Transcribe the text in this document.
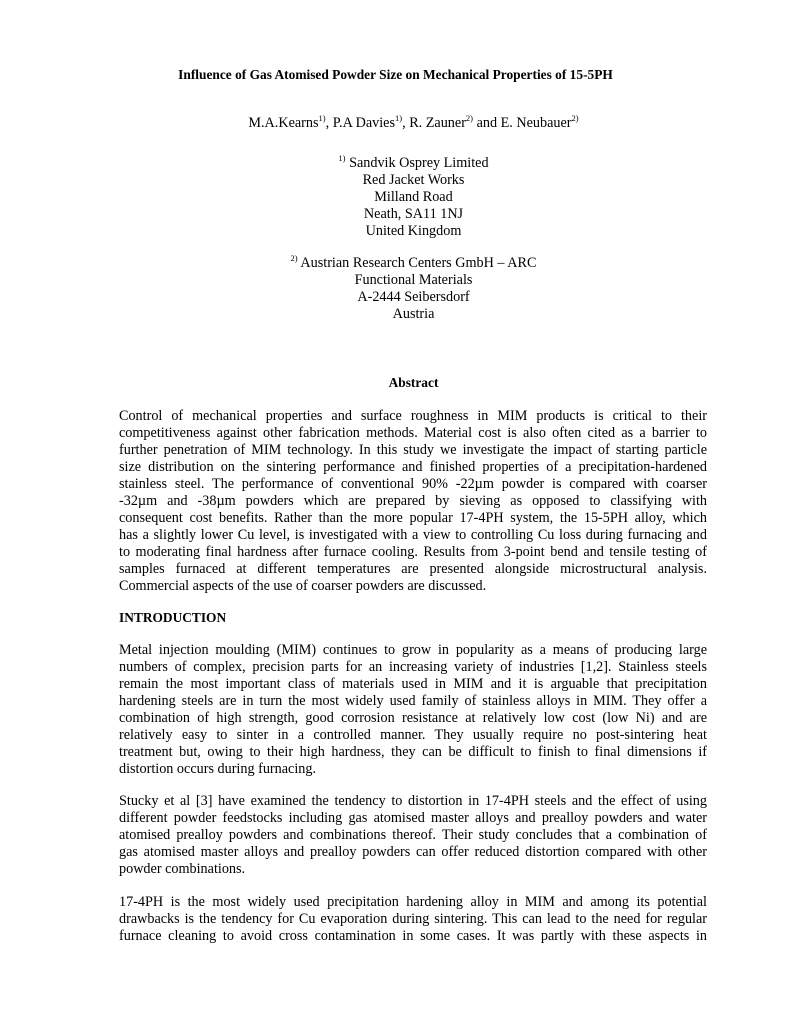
Influence of Gas Atomised Powder Size on Mechanical Properties of 15-5PH
M.A.Kearns$^{1)}$, P.A Davies$^{1)}$, R. Zauner$^{2)}$ and E. Neubauer$^{2)}$
$^{1)}$ Sandvik Osprey Limited
Red Jacket Works
Milland Road
Neath, SA11 1NJ
United Kingdom
$^{2)}$ Austrian Research Centers GmbH – ARC
Functional Materials
A-2444 Seibersdorf
Austria
Abstract
Control of mechanical properties and surface roughness in MIM products is critical to their
competitiveness against other fabrication methods. Material cost is also often cited as a barrier to
further penetration of MIM technology. In this study we investigate the impact of starting particle
size distribution on the sintering performance and finished properties of a precipitation-hardened
stainless steel. The performance of conventional 90% -22µm powder is compared with coarser
-32µm and -38µm powders which are prepared by sieving as opposed to classifying with
consequent cost benefits. Rather than the more popular 17-4PH system, the 15-5PH alloy, which
has a slightly lower Cu level, is investigated with a view to controlling Cu loss during furnacing and
to moderating final hardness after furnace cooling. Results from 3-point bend and tensile testing of
samples furnaced at different temperatures are presented alongside microstructural analysis.
Commercial aspects of the use of coarser powders are discussed.
INTRODUCTION
Metal injection moulding (MIM) continues to grow in popularity as a means of producing large
numbers of complex, precision parts for an increasing variety of industries [1,2]. Stainless steels
remain the most important class of materials used in MIM and it is arguable that precipitation
hardening steels are in turn the most widely used family of stainless alloys in MIM. They offer a
combination of high strength, good corrosion resistance at relatively low cost (low Ni) and are
relatively easy to sinter in a controlled manner. They usually require no post-sintering heat
treatment but, owing to their high hardness, they can be difficult to finish to final dimensions if
distortion occurs during furnacing.
Stucky et al [3] have examined the tendency to distortion in 17-4PH steels and the effect of using
different powder feedstocks including gas atomised master alloys and prealloy powders and water
atomised prealloy powders and combinations thereof. Their study concludes that a combination of
gas atomised master alloys and prealloy powders can offer reduced distortion compared with other
powder combinations.
17-4PH is the most widely used precipitation hardening alloy in MIM and among its potential
drawbacks is the tendency for Cu evaporation during sintering. This can lead to the need for regular
furnace cleaning to avoid cross contamination in some cases. It was partly with these aspects in
